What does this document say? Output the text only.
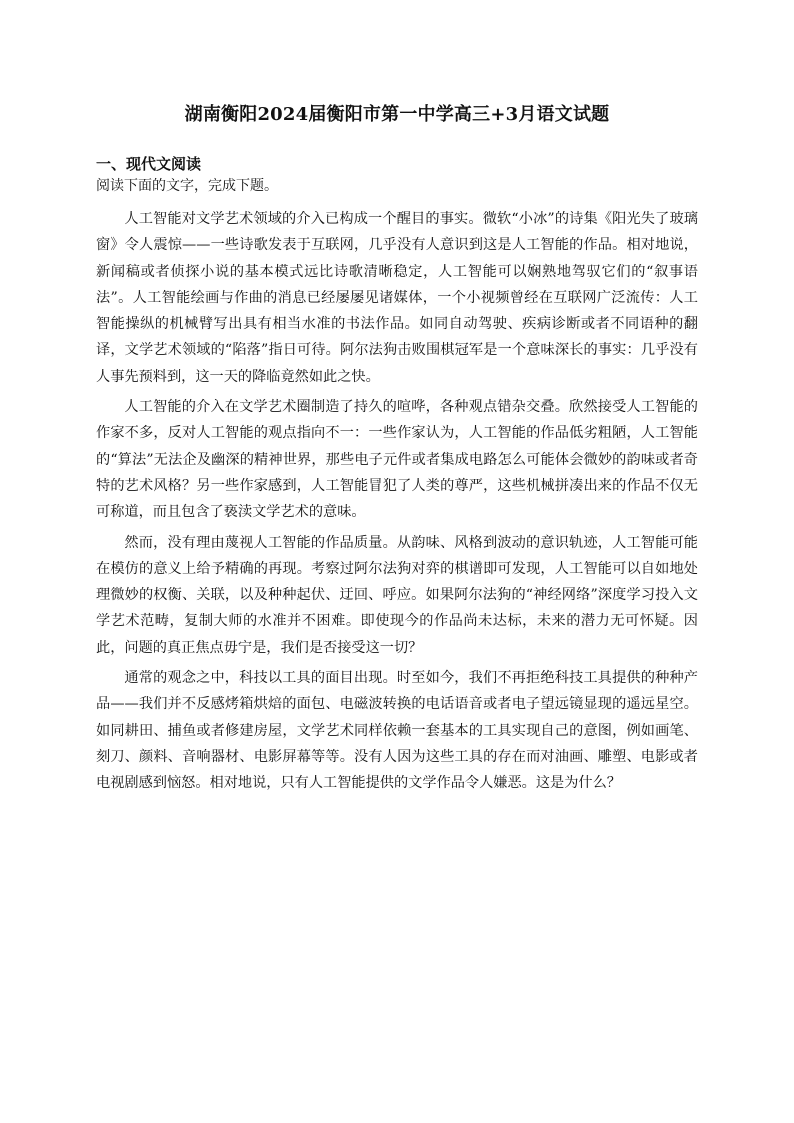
湖南衡阳2024届衡阳市第一中学高三+3月语文试题
一、现代文阅读
阅读下面的文字，完成下题。

人工智能对文学艺术领域的介入已构成一个醒目的事实。微软“小冰”的诗集《阳光失了玻璃窗》令人震惊——一些诗歌发表于互联网，几乎没有人意识到这是人工智能的作品。相对地说，新闻稿或者侦探小说的基本模式远比诗歌清晰稳定，人工智能可以娴熟地驾驭它们的“叙事语法”。人工智能绘画与作曲的消息已经屡屡见诸媒体，一个小视频曾经在互联网广泛流传：人工智能操纵的机械臂写出具有相当水准的书法作品。如同自动驾驶、疾病诊断或者不同语种的翻译，文学艺术领域的“陷落”指日可待。阿尔法狗击败围棋冠军是一个意味深长的事实：几乎没有人事先预料到，这一天的降临竟然如此之快。

人工智能的介入在文学艺术圈制造了持久的喧哗，各种观点错杂交叠。欣然接受人工智能的作家不多，反对人工智能的观点指向不一：一些作家认为，人工智能的作品低劣粗陋，人工智能的“算法”无法企及幽深的精神世界，那些电子元件或者集成电路怎么可能体会微妙的韵味或者奇特的艺术风格？另一些作家感到，人工智能冒犯了人类的尊严，这些机械拼凑出来的作品不仅无可称道，而且包含了亵渎文学艺术的意味。

然而，没有理由蔑视人工智能的作品质量。从韵味、风格到波动的意识轨迹，人工智能可能在模仿的意义上给予精确的再现。考察过阿尔法狗对弈的棋谱即可发现，人工智能可以自如地处理微妙的权衡、关联，以及种种起伏、迂回、呼应。如果阿尔法狗的“神经网络”深度学习投入文学艺术范畴，复制大师的水准并不困难。即使现今的作品尚未达标，未来的潜力无可怀疑。因此，问题的真正焦点毋宁是，我们是否接受这一切？

通常的观念之中，科技以工具的面目出现。时至如今，我们不再拒绝科技工具提供的种种产品——我们并不反感烤箱烘焙的面包、电磁波转换的电话语音或者电子望远镜显现的遥远星空。如同耕田、捕鱼或者修建房屋，文学艺术同样依赖一套基本的工具实现自己的意图，例如画笔、刻刀、颜料、音响器材、电影屏幕等等。没有人因为这些工具的存在而对油画、雕塑、电影或者电视剧感到恼怒。相对地说，只有人工智能提供的文学作品令人嫌恶。这是为什么？
